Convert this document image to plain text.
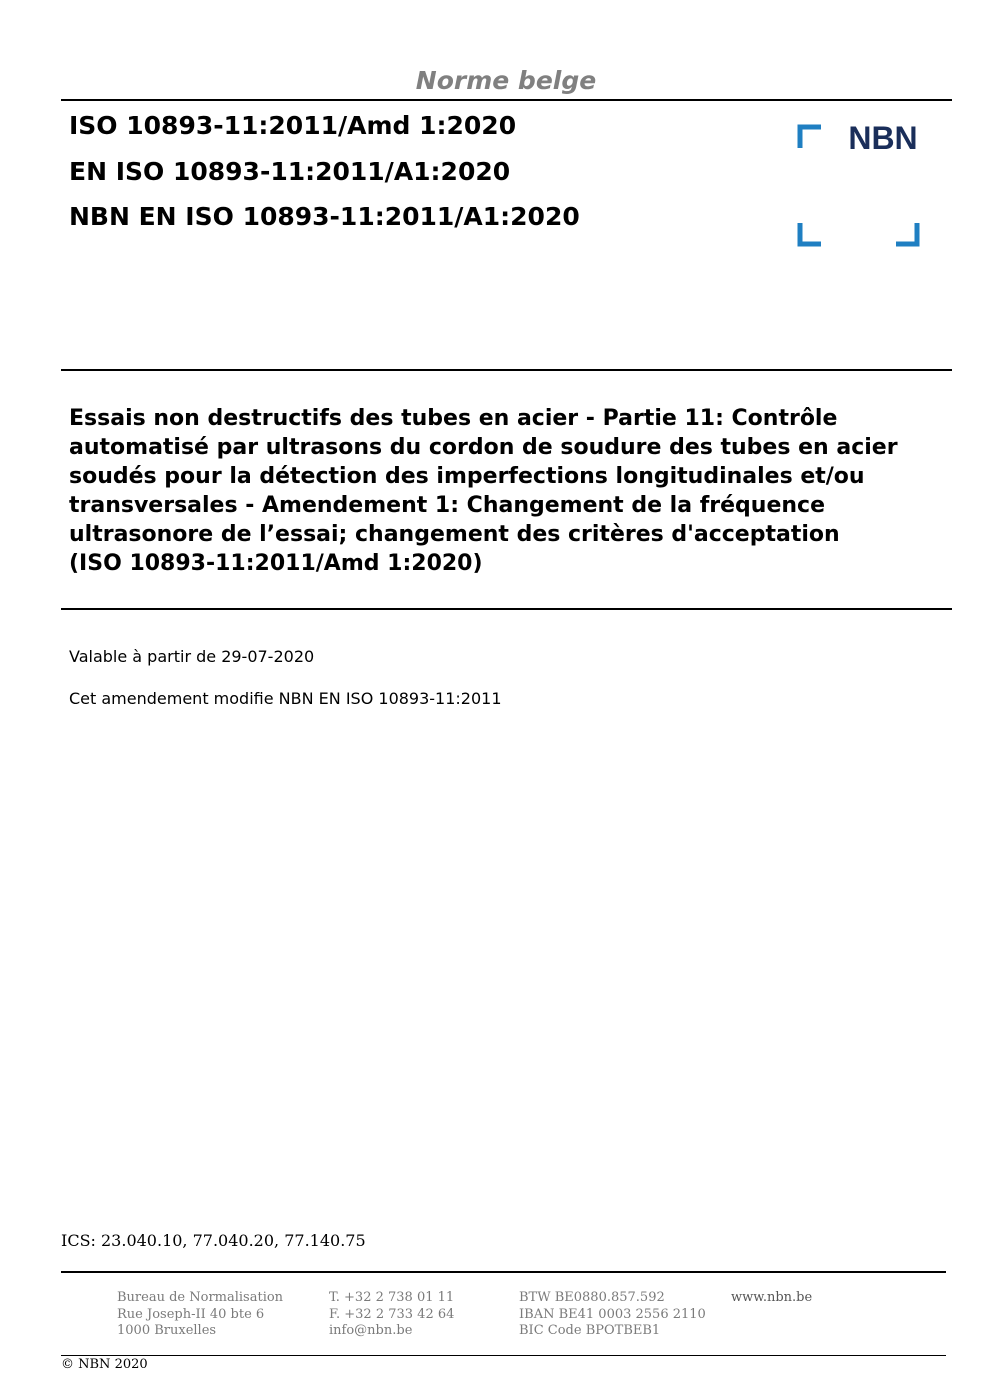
Norme belge
ISO 10893-11:2011/Amd 1:2020
EN ISO 10893-11:2011/A1:2020
NBN EN ISO 10893-11:2011/A1:2020
NBN
Essais non destructifs des tubes en acier - Partie 11: Contrôle
automatisé par ultrasons du cordon de soudure des tubes en acier
soudés pour la détection des imperfections longitudinales et/ou
transversales - Amendement 1: Changement de la fréquence
ultrasonore de l’essai; changement des critères d'acceptation
(ISO 10893-11:2011/Amd 1:2020)
Valable à partir de 29-07-2020
Cet amendement modifie NBN EN ISO 10893-11:2011
ICS: 23.040.10, 77.040.20, 77.140.75
Bureau de Normalisation
Rue Joseph-II 40 bte 6
1000 Bruxelles
T. +32 2 738 01 11
F. +32 2 733 42 64
info@nbn.be
BTW BE0880.857.592
IBAN BE41 0003 2556 2110
BIC Code BPOTBEB1
www.nbn.be
© NBN 2020
